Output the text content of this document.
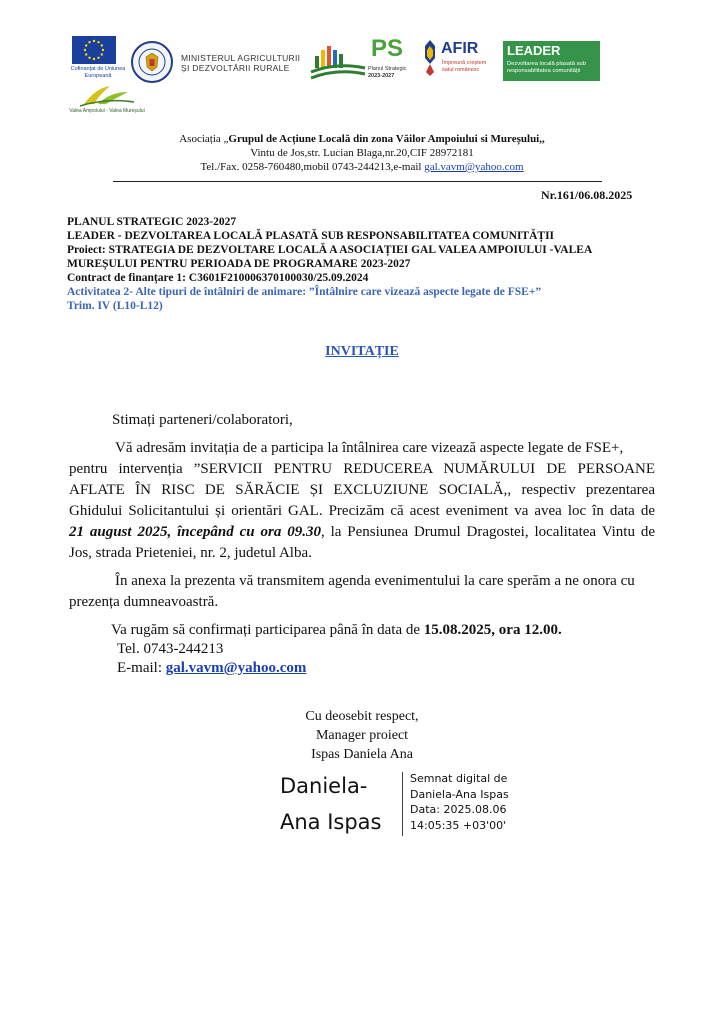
Cofinanțat de Uniunea Europeană
MINISTERUL AGRICULTURII
ȘI DEZVOLTĂRII RURALE
PS
Planul Strategic
2023-2027
AFIR
Împreună creștem
satul românesc
LEADER
Dezvoltarea locală plasată sub responsabilitatea comunității
Valea Ampoiului - Valea Mureșului
Asociația „Grupul de Acțiune Locală din zona Văilor Ampoiului si Mureșului,,
Vintu de Jos,str. Lucian Blaga,nr.20,CIF 28972181
Tel./Fax. 0258-760480,mobil 0743-244213,e-mail gal.vavm@yahoo.com
Nr.161/06.08.2025
PLANUL STRATEGIC 2023-2027
LEADER - DEZVOLTAREA LOCALĂ PLASATĂ SUB RESPONSABILITATEA COMUNITĂȚII
Proiect: STRATEGIA DE DEZVOLTARE LOCALĂ A ASOCIAȚIEI GAL VALEA AMPOIULUI -VALEA
MUREȘULUI PENTRU PERIOADA DE PROGRAMARE 2023-2027
Contract de finanțare 1: C3601F210006370100030/25.09.2024
Activitatea 2- Alte tipuri de întâlniri de animare: ”Întâlnire care vizează aspecte legate de FSE+”
Trim. IV (L10-L12)
INVITAȚIE
Stimați parteneri/colaboratori,
Vă adresăm invitația de a participa la întâlnirea care vizează aspecte legate de FSE+,
pentru intervenția ”SERVICII PENTRU REDUCEREA NUMĂRULUI DE PERSOANE
AFLATE ÎN RISC DE SĂRĂCIE ȘI EXCLUZIUNE SOCIALĂ,, respectiv prezentarea
Ghidului Solicitantului și orientări GAL. Precizăm că acest eveniment va avea loc în data de
21 august 2025, începând cu ora 09.30, la Pensiunea Drumul Dragostei, localitatea Vintu de
Jos, strada Prieteniei, nr. 2, judetul Alba.
În anexa la prezenta vă transmitem agenda evenimentului la care sperăm a ne onora cu
prezența dumneavoastră.
Va rugăm să confirmați participarea până în data de 15.08.2025, ora 12.00.
Tel. 0743-244213
E-mail: gal.vavm@yahoo.com
Cu deosebit respect,
Manager proiect
Ispas Daniela Ana
Daniela-
Ana Ispas
Semnat digital de
Daniela-Ana Ispas
Data: 2025.08.06
14:05:35 +03'00'
